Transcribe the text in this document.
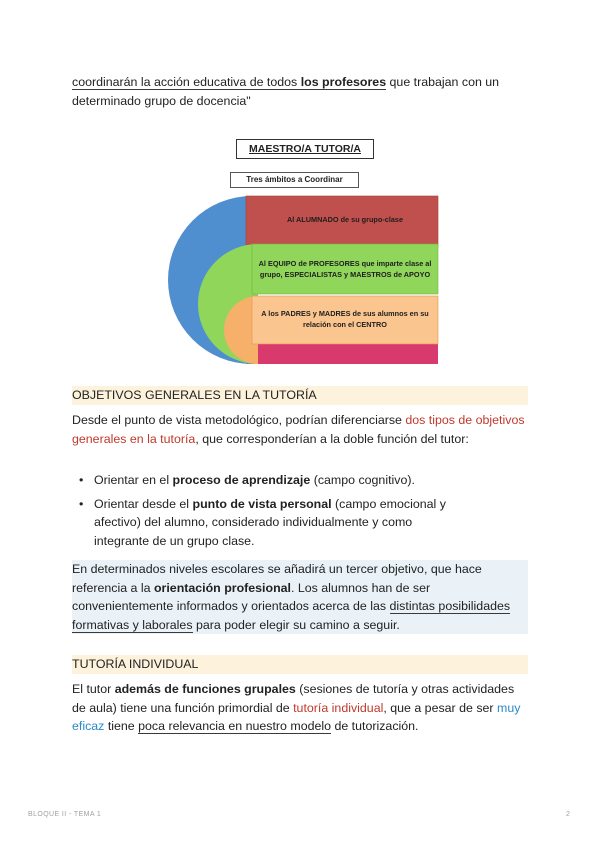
coordinarán la acción educativa de todos los profesores que trabajan con un
determinado grupo de docencia"

MAESTRO/A TUTOR/A
Tres ámbitos a Coordinar
Al ALUMNADO de su grupo-clase
Al EQUIPO de PROFESORES que imparte clase al
grupo, ESPECIALISTAS y MAESTROS de APOYO
A los PADRES y MADRES de sus alumnos en su
relación con el CENTRO
OBJETIVOS GENERALES EN LA TUTORÍA

Desde el punto de vista metodológico, podrían diferenciarse dos tipos de objetivos generales en la tutoría, que corresponderían a la doble función del tutor:

• Orientar en el proceso de aprendizaje (campo cognitivo).
• Orientar desde el punto de vista personal (campo emocional y afectivo) del alumno, considerado individualmente y como integrante de un grupo clase.

En determinados niveles escolares se añadirá un tercer objetivo, que hace referencia a la orientación profesional. Los alumnos han de ser convenientemente informados y orientados acerca de las distintas posibilidades formativas y laborales para poder elegir su camino a seguir.

TUTORÍA INDIVIDUAL

El tutor además de funciones grupales (sesiones de tutoría y otras actividades de aula) tiene una función primordial de tutoría individual, que a pesar de ser muy eficaz tiene poca relevancia en nuestro modelo de tutorización.

BLOQUE II - TEMA 1	2
